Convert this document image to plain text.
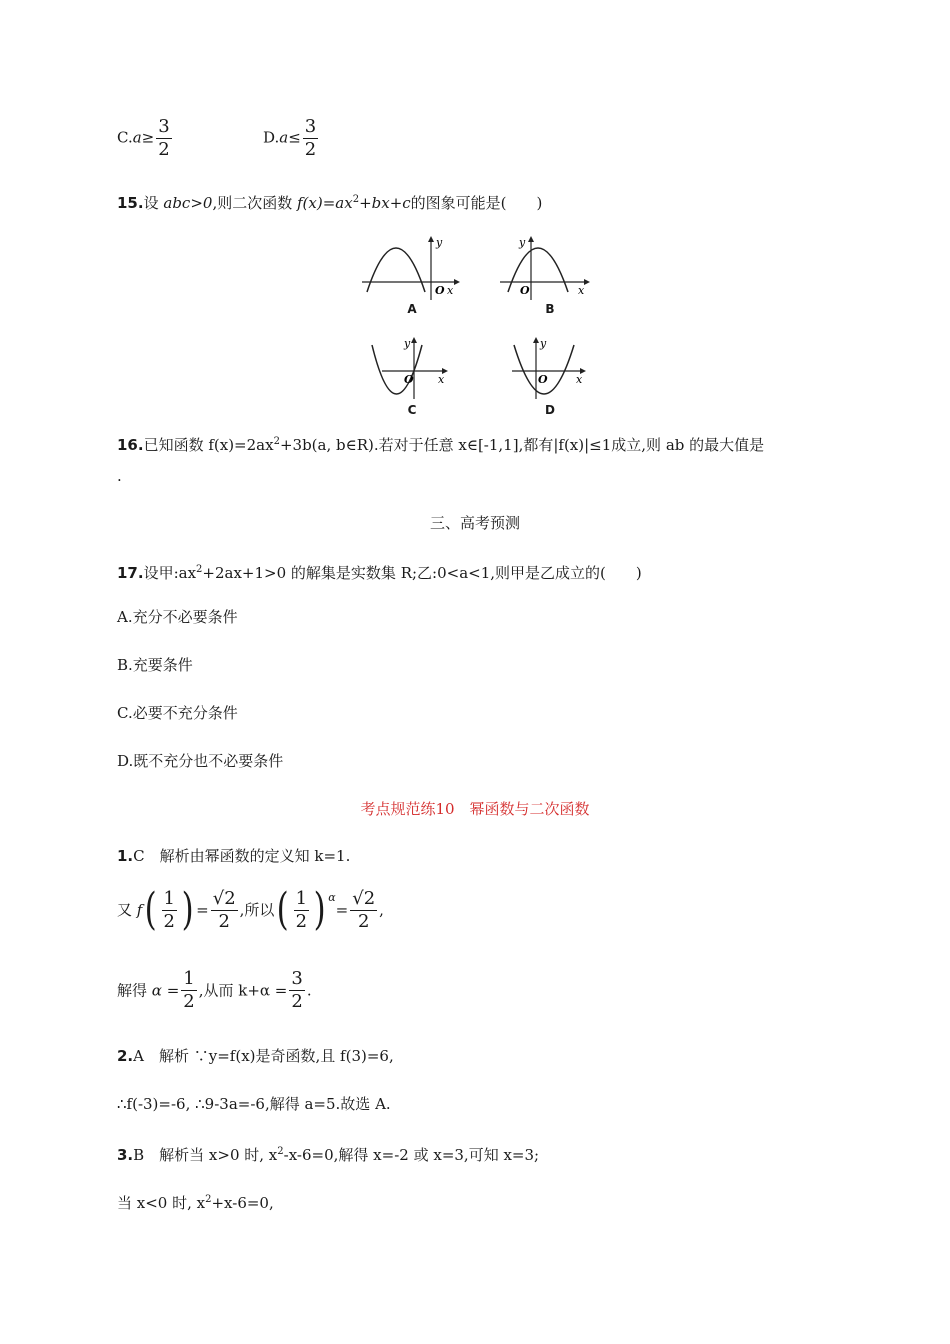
$C.a\ge \frac{3}{2}$	$D.a\le \frac{3}{2}$
15.设 abc>0,则二次函数 $f(x)=ax^2+bx+c$的图象可能是(　　)
O x
y
A
O	x
y
B
O x
y
C
O	x
y
D
16.已知函数 $f(x)=2ax^2+3b(a$, b∈R).若对于任意 x∈[-1,1],都有|f(x)|≤1成立,则 ab 的最大值是
.
三、高考预测
17.设甲$:ax^2+2ax+1>0$ 的解集是实数集 R;乙:0<a<1,则甲是乙成立的(　　)
A.充分不必要条件
B.充要条件
C.必要不充分条件
D.既不充分也不必要条件
考点规范练10　幂函数与二次函数
1.C　解析由幂函数的定义知 k=1.
又 $f( \frac{1}{2}$ ) = $\frac{√2}{2}$ ,所以( $\frac{1}{2}$ ) $^\alpha= \frac{√2}{2}$ ,
解得 $\alpha = \frac{1}{2}$ ,从而 $k+\alpha = \frac{3}{2}$ .
2.A　解析 ∵y=f(x)是奇函数,且 f(3)=6,
∴f(-3)=-6, ∴9-3a=-6,解得 a=5.故选 A.
3.B　解析当 x>0 时, $x^2-x-6=0$,解得 x=-2 或 x=3,可知 x=3;
当 x<0 时, $x^2+x-6=0$,
